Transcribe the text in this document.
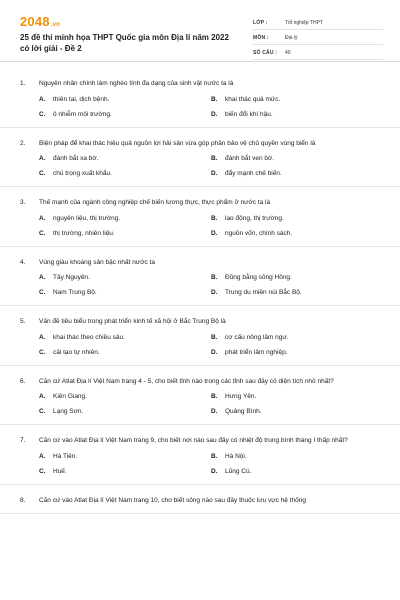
2048.vn
25 đề thi minh họa THPT Quốc gia môn Địa lí năm 2022 có lời giải - Đề 2
LỚP :	Tốt nghiệp THPT
MÔN :	Địa lý
SỐ CÂU :	40
1.	Nguyên nhân chính làm nghèo tính đa dạng của sinh vật nước ta là
A.	thiên tai, dịch bệnh.	B.	khai thác quá mức.
C.	ô nhiễm môi trường.	D.	biến đổi khí hậu.
2.	Biện pháp để khai thác hiệu quả nguồn lợi hải sản vừa góp phần bảo vệ chủ quyền vùng biển là
A.	đánh bắt xa bờ.	B.	đánh bắt ven bờ.
C.	chú trọng xuất khẩu.	D.	đẩy mạnh chế biến.
3.	Thế mạnh của ngành công nghiệp chế biến lương thực, thực phẩm ở nước ta là
A.	nguyên liệu, thị trường.	B.	lao động, thị trường.
C.	thị trường, nhiên liệu.	D.	nguồn vốn, chính sách.
4.	Vùng giàu khoáng sản bậc nhất nước ta
A.	Tây Nguyên.	B.	Đồng bằng sông Hồng.
C.	Nam Trung Bộ.	D.	Trung du miền núi Bắc Bộ.
5.	Vấn đề tiêu biểu trong phát triển kinh tế xã hội ở Bắc Trung Bộ là
A.	khai thác theo chiều sâu.	B.	cơ cấu nông lâm ngư.
C.	cải tạo tự nhiên.	D.	phát triển lâm nghiệp.
6.	Căn cứ Atlat Địa lí Việt Nam trang 4 - 5, cho biết tỉnh nào trong các tỉnh sau đây có diện tích nhỏ nhất?
A.	Kiên Giang.	B.	Hưng Yên.
C.	Lạng Sơn.	D.	Quảng Bình.
7.	Căn cứ vào Atlat Địa lí Việt Nam trang 9, cho biết nơi nào sau đây có nhiệt độ trung bình tháng I thấp nhất?
A.	Hà Tiên.	B.	Hà Nội.
C.	Huế.	D.	Lũng Cú.
8.	Căn cứ vào Atlat Địa lí Việt Nam trang 10, cho biết sông nào sau đây thuộc lưu vực hệ thống
